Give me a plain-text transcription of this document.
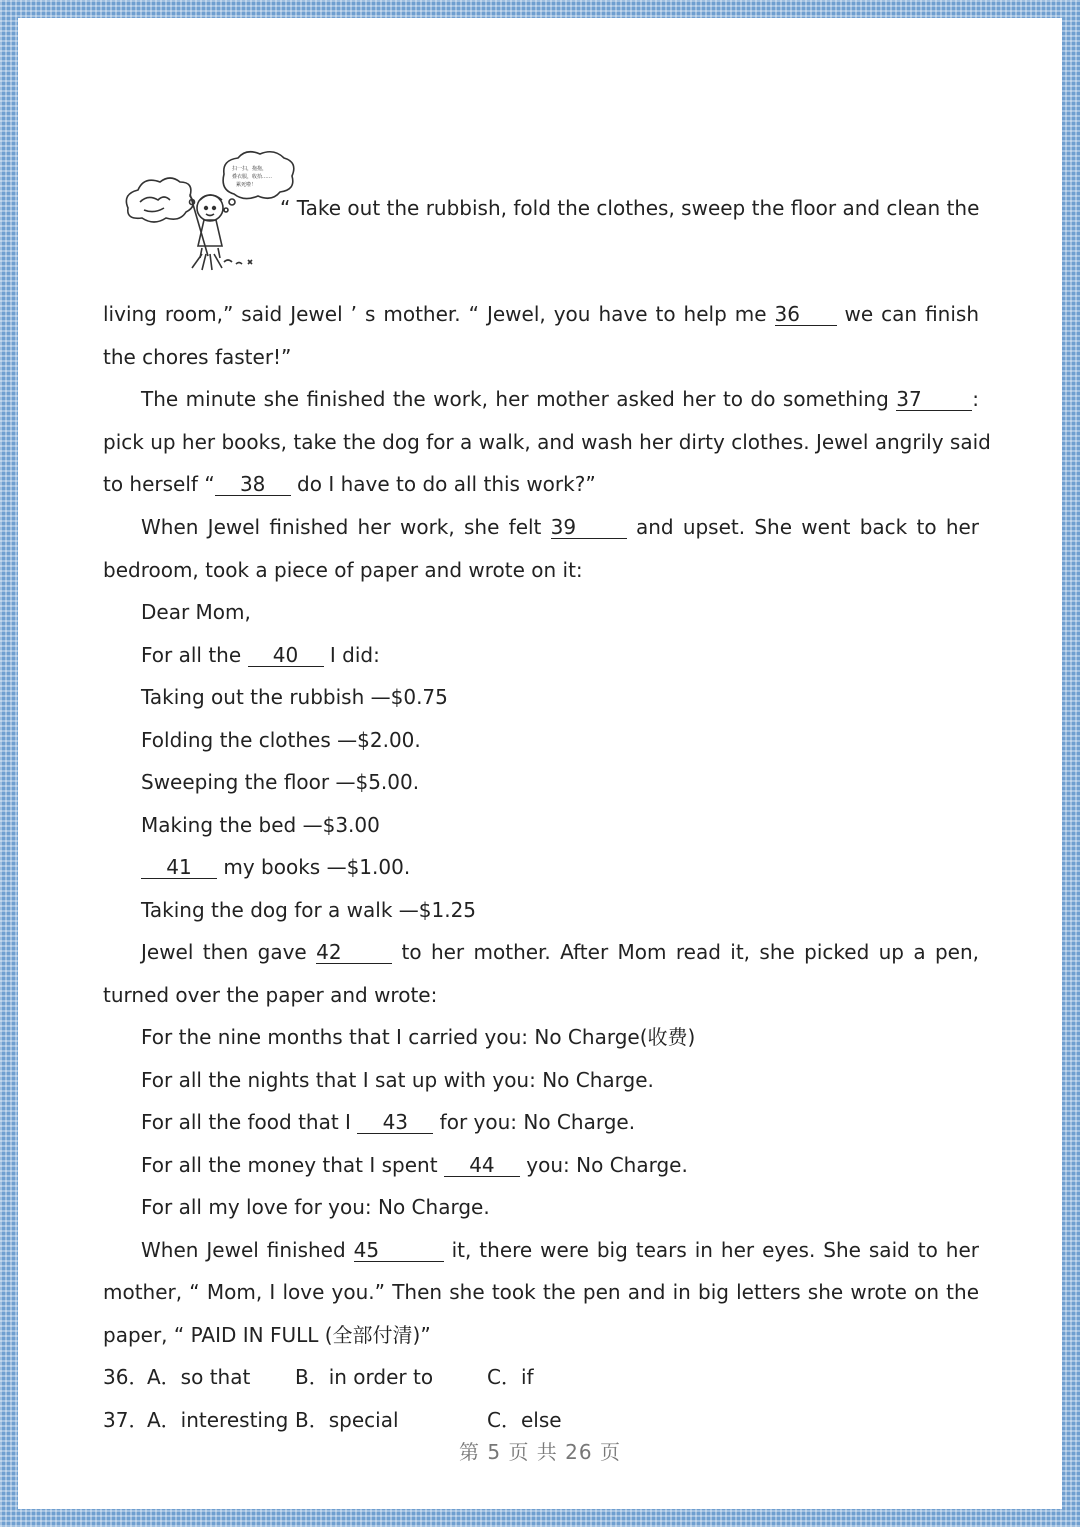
扫一扫，拖拖， 叠衣服，收拾…… 累死啦！
“ Take out the rubbish, fold the clothes, sweep the floor and clean the
living room,” said Jewel ’ s mother. “ Jewel, you have to help me 36 we can finish
the chores faster!”
The minute she finished the work, her mother asked her to do something 37	:
pick up her books, take the dog for a walk, and wash her dirty clothes. Jewel angrily said
to herself “ 38 do I have to do all this work?”
When Jewel finished her work, she felt 39	and upset. She went back to her
bedroom, took a piece of paper and wrote on it:
Dear Mom,
For all the 40 I did:
Taking out the rubbish —$0.75
Folding the clothes —$2.00.
Sweeping the floor —$5.00.
Making the bed —$3.00
41 my books —$1.00.
Taking the dog for a walk —$1.25
Jewel then gave 42	to her mother. After Mom read it, she picked up a pen,
turned over the paper and wrote:
For the nine months that I carried you: No Charge(收费)
For all the nights that I sat up with you: No Charge.
For all the food that I 43 for you: No Charge.
For all the money that I spent 44 you: No Charge.
For all my love for you: No Charge.
When Jewel finished 45	it, there were big tears in her eyes. She said to her
mother, “ Mom, I love you.” Then she took the pen and in big letters she wrote on the
paper, “ PAID IN FULL (全部付清)”
36．
A．so that B．in order to	C．if
37．
A．interesting B．special	C．else
第 5 页 共 26 页
